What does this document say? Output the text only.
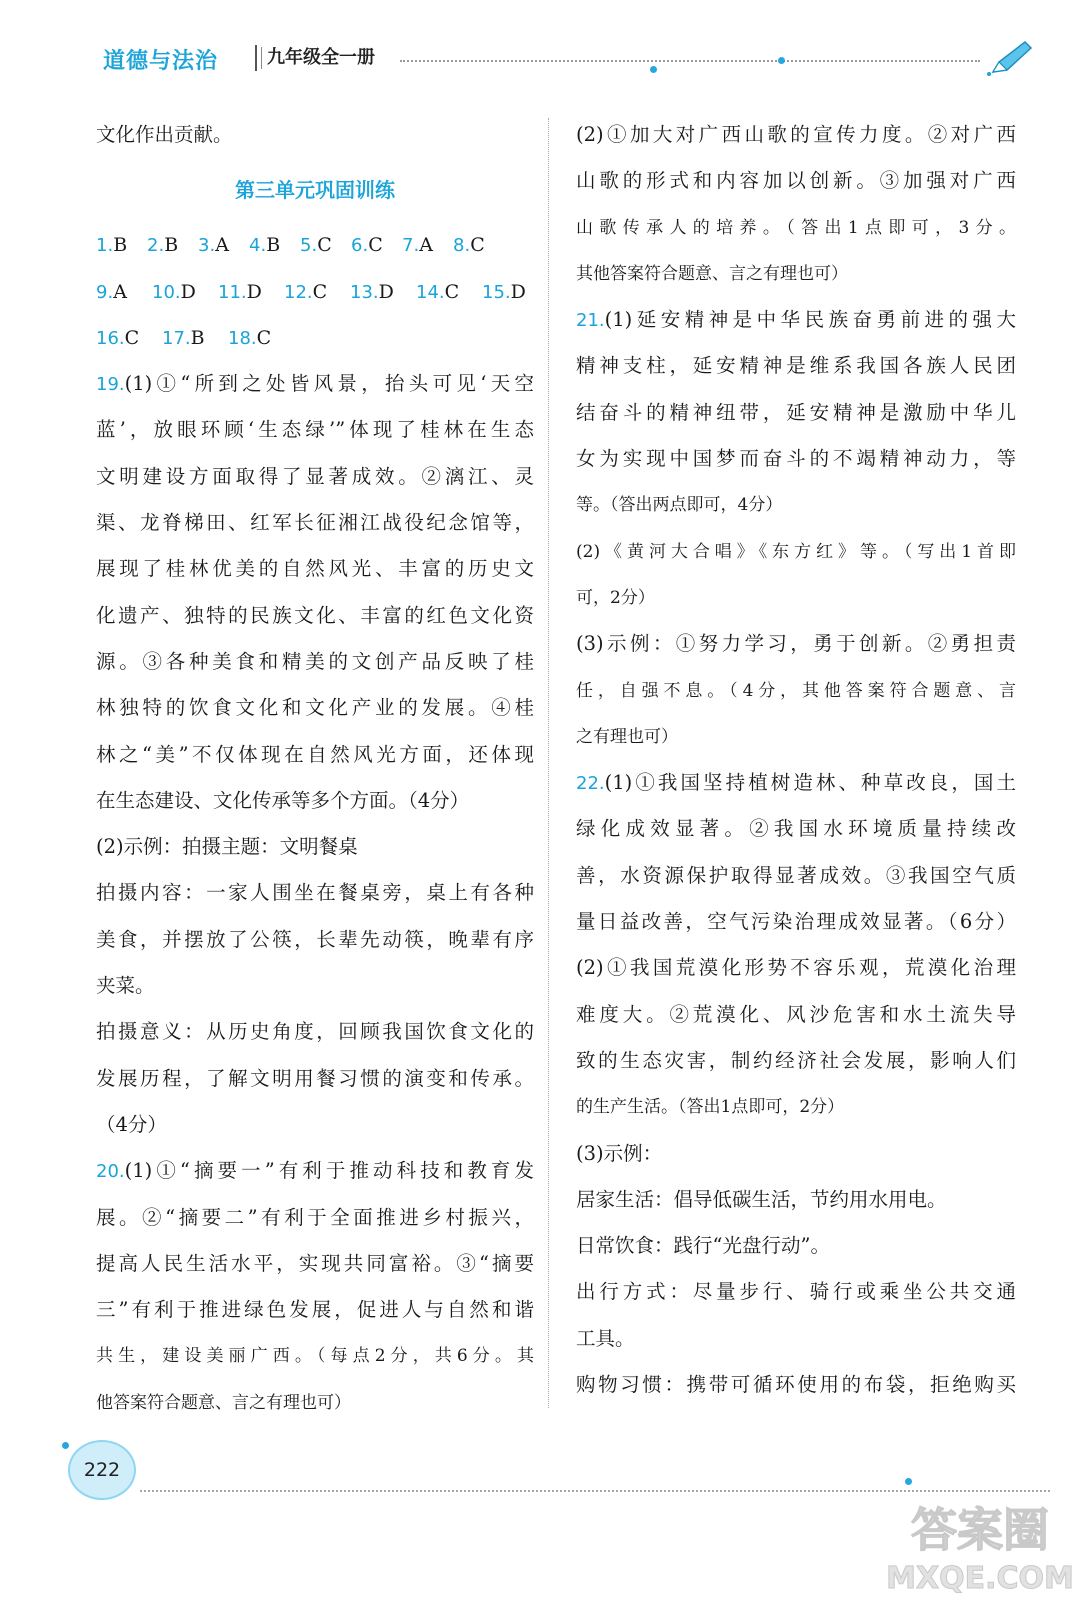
道德与法治	九年级全一册
文化作出贡献。
第三单元巩固训练
1.B	2.B	3.A	4.B	5.C	6.C	7.A	8.C
9.A	10.D	11.D	12.C	13.D	14.C	15.D
16.C	17.B	18.C
19.(1)①“所到之处皆风景，抬头可见‘天空
蓝’，放眼环顾‘生态绿’”体现了桂林在生态
文明建设方面取得了显著成效。②漓江、灵
渠、龙脊梯田、红军长征湘江战役纪念馆等，
展现了桂林优美的自然风光、丰富的历史文
化遗产、独特的民族文化、丰富的红色文化资
源。③各种美食和精美的文创产品反映了桂
林独特的饮食文化和文化产业的发展。④桂
林之“美”不仅体现在自然风光方面，还体现
在生态建设、文化传承等多个方面。（4分）
(2)示例：拍摄主题：文明餐桌
拍摄内容：一家人围坐在餐桌旁，桌上有各种
美食，并摆放了公筷，长辈先动筷，晚辈有序
夹菜。
拍摄意义：从历史角度，回顾我国饮食文化的
发展历程，了解文明用餐习惯的演变和传承。
（4分）
20.(1)①“摘要一”有利于推动科技和教育发
展。②“摘要二”有利于全面推进乡村振兴，
提高人民生活水平，实现共同富裕。③“摘要
三”有利于推进绿色发展，促进人与自然和谐
共生，建设美丽广西。（每点2分，共6分。其
他答案符合题意、言之有理也可）
(2)①加大对广西山歌的宣传力度。②对广西
山歌的形式和内容加以创新。③加强对广西
山歌传承人的培养。（答出1点即可，3分。
其他答案符合题意、言之有理也可）
21.(1)延安精神是中华民族奋勇前进的强大
精神支柱，延安精神是维系我国各族人民团
结奋斗的精神纽带，延安精神是激励中华儿
女为实现中国梦而奋斗的不竭精神动力，等
等。（答出两点即可，4分）
(2)《黄河大合唱》《东方红》等。（写出1首即
可，2分）
(3)示例：①努力学习，勇于创新。②勇担责
任，自强不息。（4分，其他答案符合题意、言
之有理也可）
22.(1)①我国坚持植树造林、种草改良，国土
绿化成效显著。②我国水环境质量持续改
善，水资源保护取得显著成效。③我国空气质
量日益改善，空气污染治理成效显著。（6分）
(2)①我国荒漠化形势不容乐观，荒漠化治理
难度大。②荒漠化、风沙危害和水土流失导
致的生态灾害，制约经济社会发展，影响人们
的生产生活。（答出1点即可，2分）
(3)示例：
居家生活：倡导低碳生活，节约用水用电。
日常饮食：践行“光盘行动”。
出行方式：尽量步行、骑行或乘坐公共交通
工具。
购物习惯：携带可循环使用的布袋，拒绝购买
222
答案圈
MXQE.COM
